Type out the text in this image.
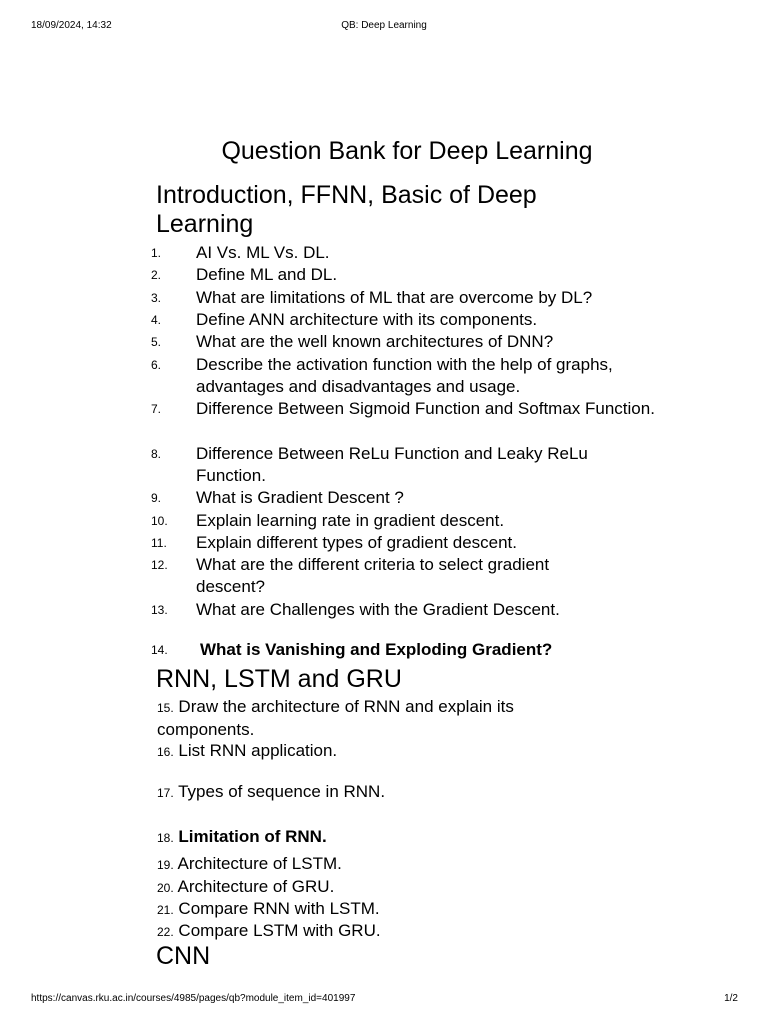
18/09/2024, 14:32	QB: Deep Learning
Question Bank for Deep Learning
Introduction, FFNN, Basic of Deep Learning
1.	AI Vs. ML Vs. DL.
2.	Define ML and DL.
3.	What are limitations of ML that are overcome by DL?
4.	Define ANN architecture with its components.
5.	What are the well known architectures of DNN?
6.	Describe the activation function with the help of graphs, advantages and disadvantages and usage.
7.	Difference Between Sigmoid Function and Softmax Function.
8.	Difference Between ReLu Function and Leaky ReLu Function.
9.	What is Gradient Descent ?
10.	Explain learning rate in gradient descent.
11.	Explain different types of gradient descent.
12.	What are the different criteria to select gradient descent?
13.	What are Challenges with the Gradient Descent.
14.	What is Vanishing and Exploding Gradient?
RNN, LSTM and GRU
15. Draw the architecture of RNN and explain its components.
16. List RNN application.
17. Types of sequence in RNN.
18. Limitation of RNN.
19. Architecture of LSTM.
20. Architecture of GRU.
21. Compare RNN with LSTM.
22. Compare LSTM with GRU.
CNN
https://canvas.rku.ac.in/courses/4985/pages/qb?module_item_id=401997	1/2
